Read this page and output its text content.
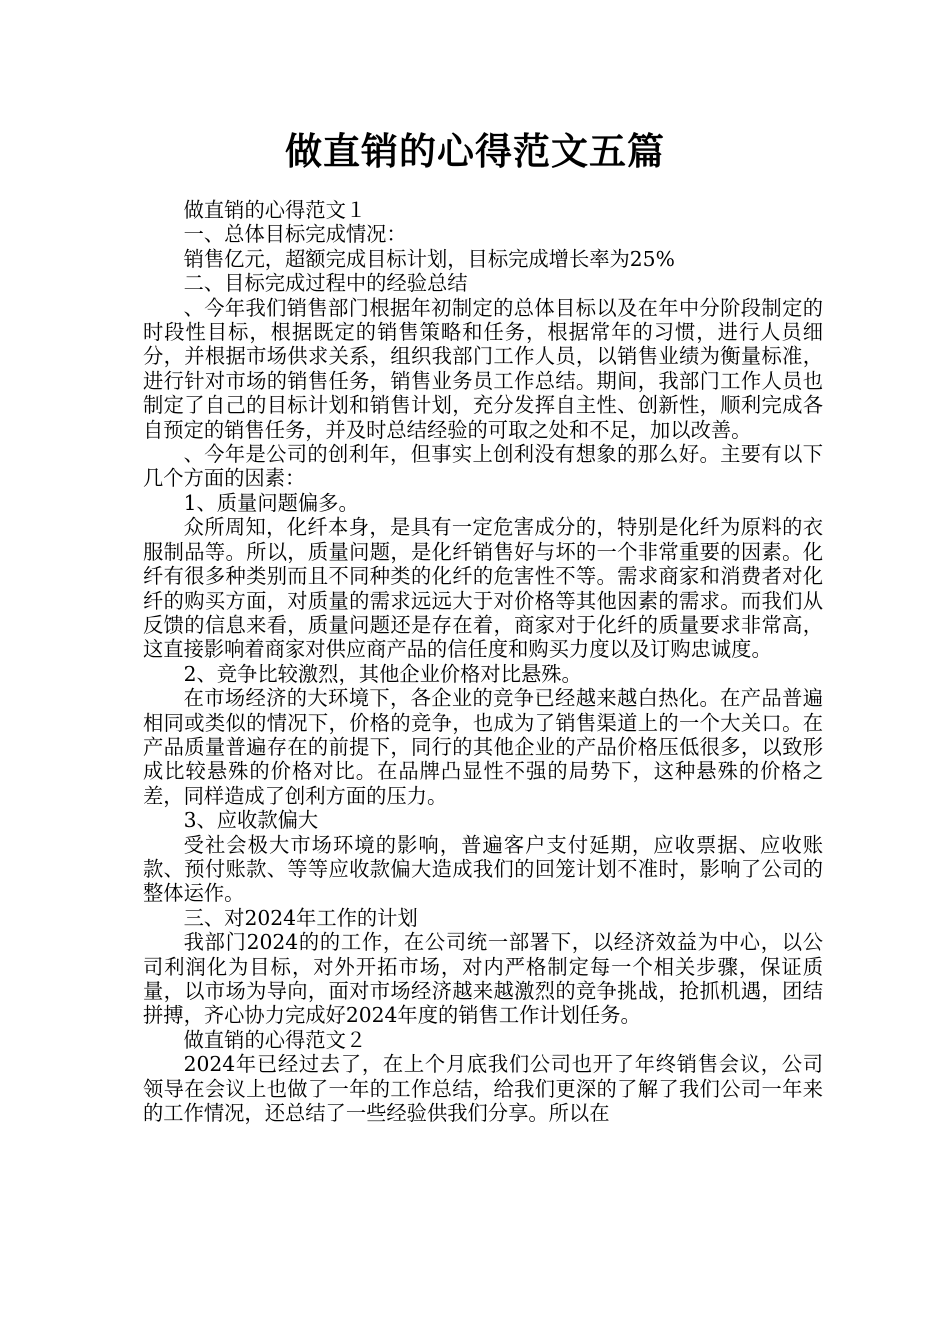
做直销的心得范文五篇

做直销的心得范文１

一、总体目标完成情况：

销售亿元，超额完成目标计划，目标完成增长率为25%

二、目标完成过程中的经验总结

、今年我们销售部门根据年初制定的总体目标以及在年中分阶段制定的时段性目标，根据既定的销售策略和任务，根据常年的习惯，进行人员细分，并根据市场供求关系，组织我部门工作人员，以销售业绩为衡量标准，进行针对市场的销售任务，销售业务员工作总结。期间，我部门工作人员也制定了自己的目标计划和销售计划，充分发挥自主性、创新性，顺利完成各自预定的销售任务，并及时总结经验的可取之处和不足，加以改善。

、今年是公司的创利年，但事实上创利没有想象的那么好。主要有以下几个方面的因素：

1、质量问题偏多。

众所周知，化纤本身，是具有一定危害成分的，特别是化纤为原料的衣服制品等。所以，质量问题，是化纤销售好与坏的一个非常重要的因素。化纤有很多种类别而且不同种类的化纤的危害性不等。需求商家和消费者对化纤的购买方面，对质量的需求远远大于对价格等其他因素的需求。而我们从反馈的信息来看，质量问题还是存在着，商家对于化纤的质量要求非常高，这直接影响着商家对供应商产品的信任度和购买力度以及订购忠诚度。

2、竞争比较激烈，其他企业价格对比悬殊。

在市场经济的大环境下，各企业的竞争已经越来越白热化。在产品普遍相同或类似的情况下，价格的竞争，也成为了销售渠道上的一个大关口。在产品质量普遍存在的前提下，同行的其他企业的产品价格压低很多，以致形成比较悬殊的价格对比。在品牌凸显性不强的局势下，这种悬殊的价格之差，同样造成了创利方面的压力。

3、应收款偏大

受社会极大市场环境的影响，普遍客户支付延期，应收票据、应收账款、预付账款、等等应收款偏大造成我们的回笼计划不准时，影响了公司的整体运作。

三、对2024年工作的计划

我部门2024的的工作，在公司统一部署下，以经济效益为中心，以公司利润化为目标，对外开拓市场，对内严格制定每一个相关步骤，保证质量，以市场为导向，面对市场经济越来越激烈的竞争挑战，抢抓机遇，团结拼搏，齐心协力完成好2024年度的销售工作计划任务。

做直销的心得范文２

2024年已经过去了，在上个月底我们公司也开了年终销售会议，公司领导在会议上也做了一年的工作总结，给我们更深的了解了我们公司一年来的工作情况，还总结了一些经验供我们分享。所以在
